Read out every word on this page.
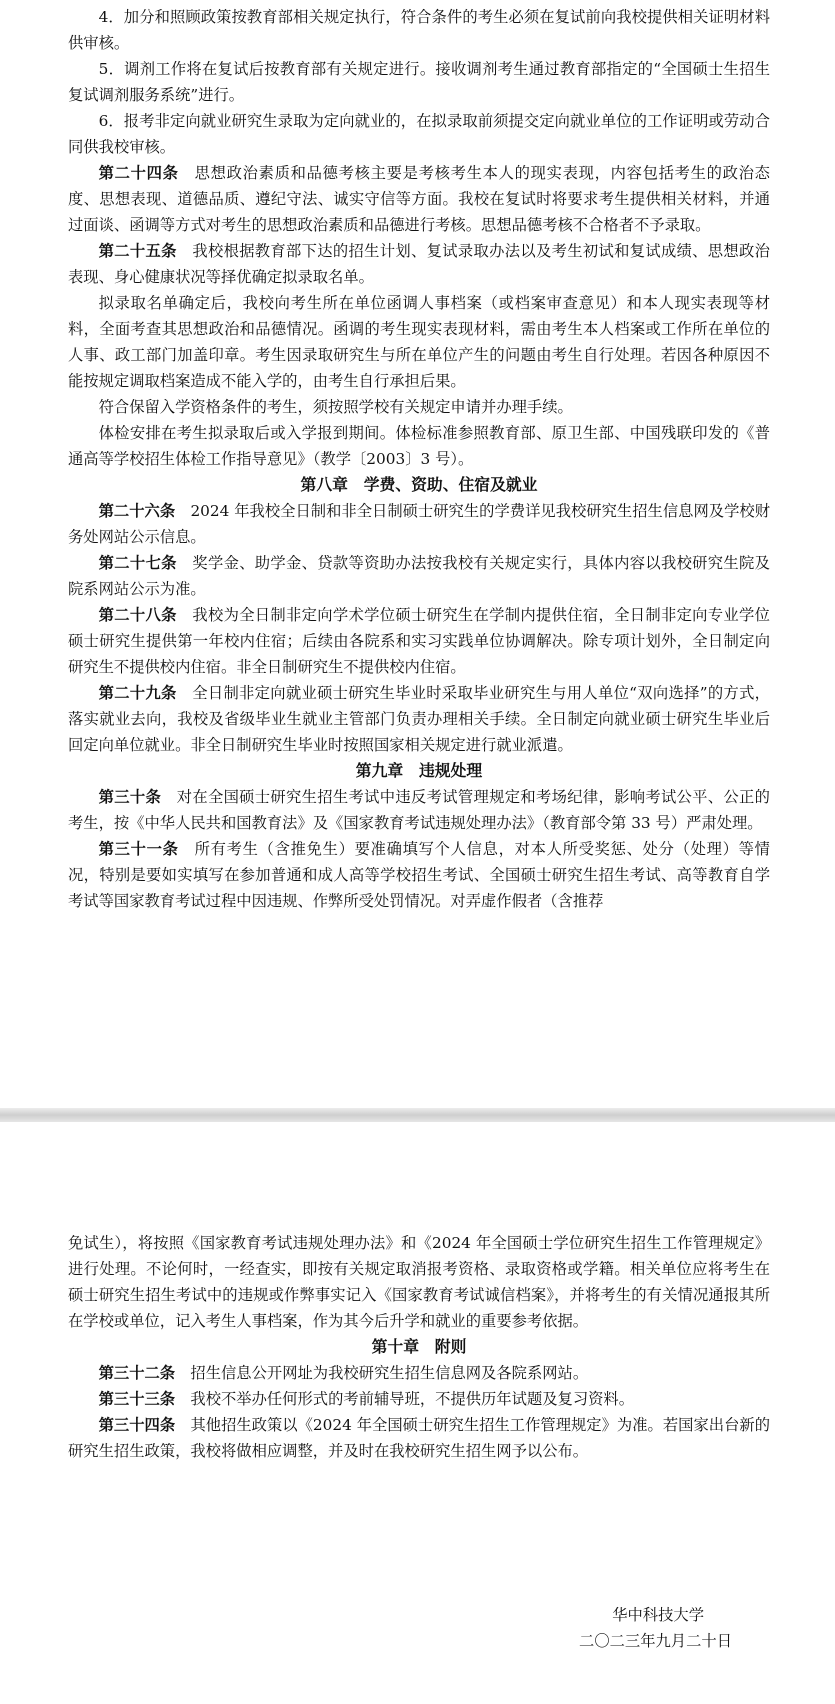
4．加分和照顾政策按教育部相关规定执行，符合条件的考生必须在复试前向我校提供相关证明材料供审核。

5．调剂工作将在复试后按教育部有关规定进行。接收调剂考生通过教育部指定的“全国硕士生招生复试调剂服务系统”进行。

6．报考非定向就业研究生录取为定向就业的，在拟录取前须提交定向就业单位的工作证明或劳动合同供我校审核。

第二十四条　 思想政治素质和品德考核主要是考核考生本人的现实表现，内容包括考生的政治态度、思想表现、道德品质、遵纪守法、诚实守信等方面。我校在复试时将要求考生提供相关材料，并通过面谈、函调等方式对考生的思想政治素质和品德进行考核。思想品德考核不合格者不予录取。

第二十五条　 我校根据教育部下达的招生计划、复试录取办法以及考生初试和复试成绩、思想政治表现、身心健康状况等择优确定拟录取名单。

拟录取名单确定后，我校向考生所在单位函调人事档案（或档案审查意见）和本人现实表现等材料，全面考查其思想政治和品德情况。函调的考生现实表现材料，需由考生本人档案或工作所在单位的人事、政工部门加盖印章。考生因录取研究生与所在单位产生的问题由考生自行处理。若因各种原因不能按规定调取档案造成不能入学的，由考生自行承担后果。

符合保留入学资格条件的考生，须按照学校有关规定申请并办理手续。

体检安排在考生拟录取后或入学报到期间。体检标准参照教育部、原卫生部、中国残联印发的《普通高等学校招生体检工作指导意见》（教学〔2003〕3 号）。

第八章　学费、资助、住宿及就业

第二十六条　 2024 年我校全日制和非全日制硕士研究生的学费详见我校研究生招生信息网及学校财务处网站公示信息。

第二十七条　 奖学金、助学金、贷款等资助办法按我校有关规定实行，具体内容以我校研究生院及院系网站公示为准。

第二十八条　 我校为全日制非定向学术学位硕士研究生在学制内提供住宿，全日制非定向专业学位硕士研究生提供第一年校内住宿；后续由各院系和实习实践单位协调解决。除专项计划外，全日制定向研究生不提供校内住宿。非全日制研究生不提供校内住宿。

第二十九条　 全日制非定向就业硕士研究生毕业时采取毕业研究生与用人单位“双向选择”的方式，落实就业去向，我校及省级毕业生就业主管部门负责办理相关手续。全日制定向就业硕士研究生毕业后回定向单位就业。非全日制研究生毕业时按照国家相关规定进行就业派遣。

第九章　违规处理

第三十条　 对在全国硕士研究生招生考试中违反考试管理规定和考场纪律，影响考试公平、公正的考生，按《中华人民共和国教育法》及《国家教育考试违规处理办法》（教育部令第 33 号）严肃处理。

第三十一条　 所有考生（含推免生）要准确填写个人信息，对本人所受奖惩、处分（处理）等情况，特别是要如实填写在参加普通和成人高等学校招生考试、全国硕士研究生招生考试、高等教育自学考试等国家教育考试过程中因违规、作弊所受处罚情况。对弄虚作假者（含推荐

免试生），将按照《国家教育考试违规处理办法》和《2024 年全国硕士学位研究生招生工作管理规定》进行处理。不论何时，一经查实，即按有关规定取消报考资格、录取资格或学籍。相关单位应将考生在硕士研究生招生考试中的违规或作弊事实记入《国家教育考试诚信档案》，并将考生的有关情况通报其所在学校或单位，记入考生人事档案，作为其今后升学和就业的重要参考依据。

第十章　附则

第三十二条　 招生信息公开网址为我校研究生招生信息网及各院系网站。

第三十三条　 我校不举办任何形式的考前辅导班，不提供历年试题及复习资料。

第三十四条　 其他招生政策以《2024 年全国硕士研究生招生工作管理规定》为准。若国家出台新的研究生招生政策，我校将做相应调整，并及时在我校研究生招生网予以公布。

华中科技大学
二〇二三年九月二十日
